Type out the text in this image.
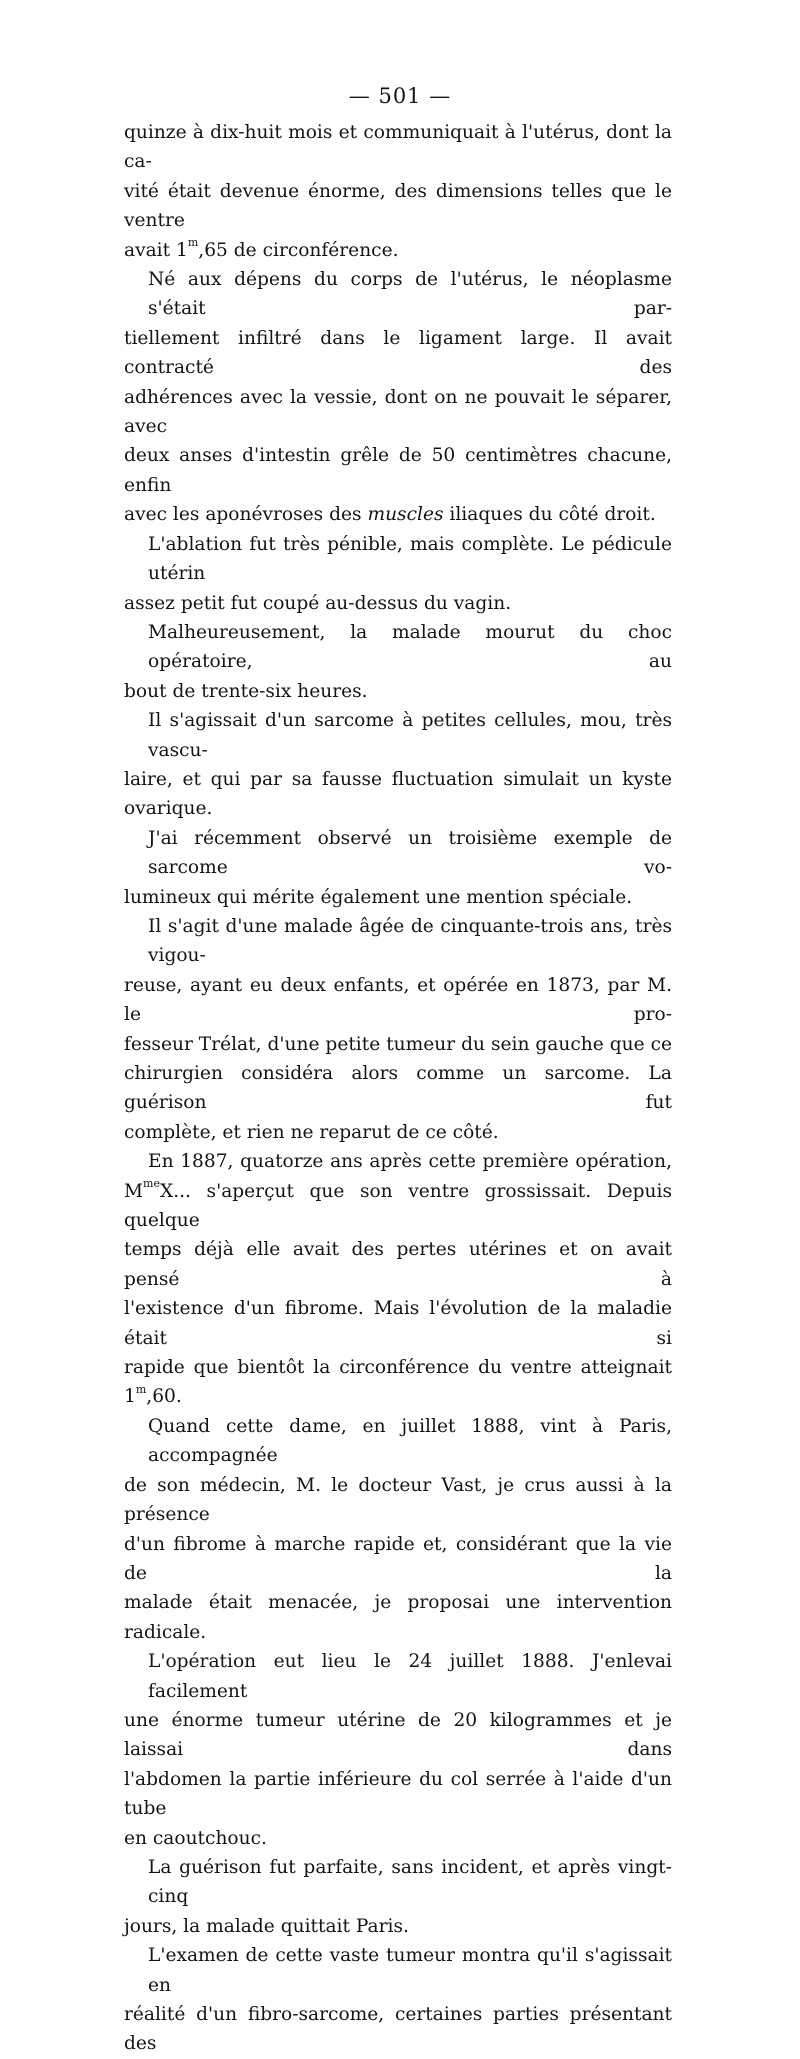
— 501 —
quinze à dix-huit mois et communiquait à l'utérus, dont la ca-
vité était devenue énorme, des dimensions telles que le ventre
avait 1$^m$,65 de circonférence.
Né aux dépens du corps de l'utérus, le néoplasme s'était par-
tiellement infiltré dans le ligament large. Il avait contracté des
adhérences avec la vessie, dont on ne pouvait le séparer, avec
deux anses d'intestin grêle de 50 centimètres chacune, enfin
avec les aponévroses des muscles iliaques du côté droit.
L'ablation fut très pénible, mais complète. Le pédicule utérin
assez petit fut coupé au-dessus du vagin.
Malheureusement, la malade mourut du choc opératoire, au
bout de trente-six heures.
Il s'agissait d'un sarcome à petites cellules, mou, très vascu-
laire, et qui par sa fausse fluctuation simulait un kyste ovarique.
J'ai récemment observé un troisième exemple de sarcome vo-
lumineux qui mérite également une mention spéciale.
Il s'agit d'une malade âgée de cinquante-trois ans, très vigou-
reuse, ayant eu deux enfants, et opérée en 1873, par M. le pro-
fesseur Trélat, d'une petite tumeur du sein gauche que ce
chirurgien considéra alors comme un sarcome. La guérison fut
complète, et rien ne reparut de ce côté.
En 1887, quatorze ans après cette première opération,
$M^{me}X$... s'aperçut que son ventre grossissait. Depuis quelque
temps déjà elle avait des pertes utérines et on avait pensé à
l'existence d'un fibrome. Mais l'évolution de la maladie était si
rapide que bientôt la circonférence du ventre atteignait 1$^m$,60.
Quand cette dame, en juillet 1888, vint à Paris, accompagnée
de son médecin, M. le docteur Vast, je crus aussi à la présence
d'un fibrome à marche rapide et, considérant que la vie de la
malade était menacée, je proposai une intervention radicale.
L'opération eut lieu le 24 juillet 1888. J'enlevai facilement
une énorme tumeur utérine de 20 kilogrammes et je laissai dans
l'abdomen la partie inférieure du col serrée à l'aide d'un tube
en caoutchouc.
La guérison fut parfaite, sans incident, et après vingt-cinq
jours, la malade quittait Paris.
L'examen de cette vaste tumeur montra qu'il s'agissait en
réalité d'un fibro-sarcome, certaines parties présentant des
